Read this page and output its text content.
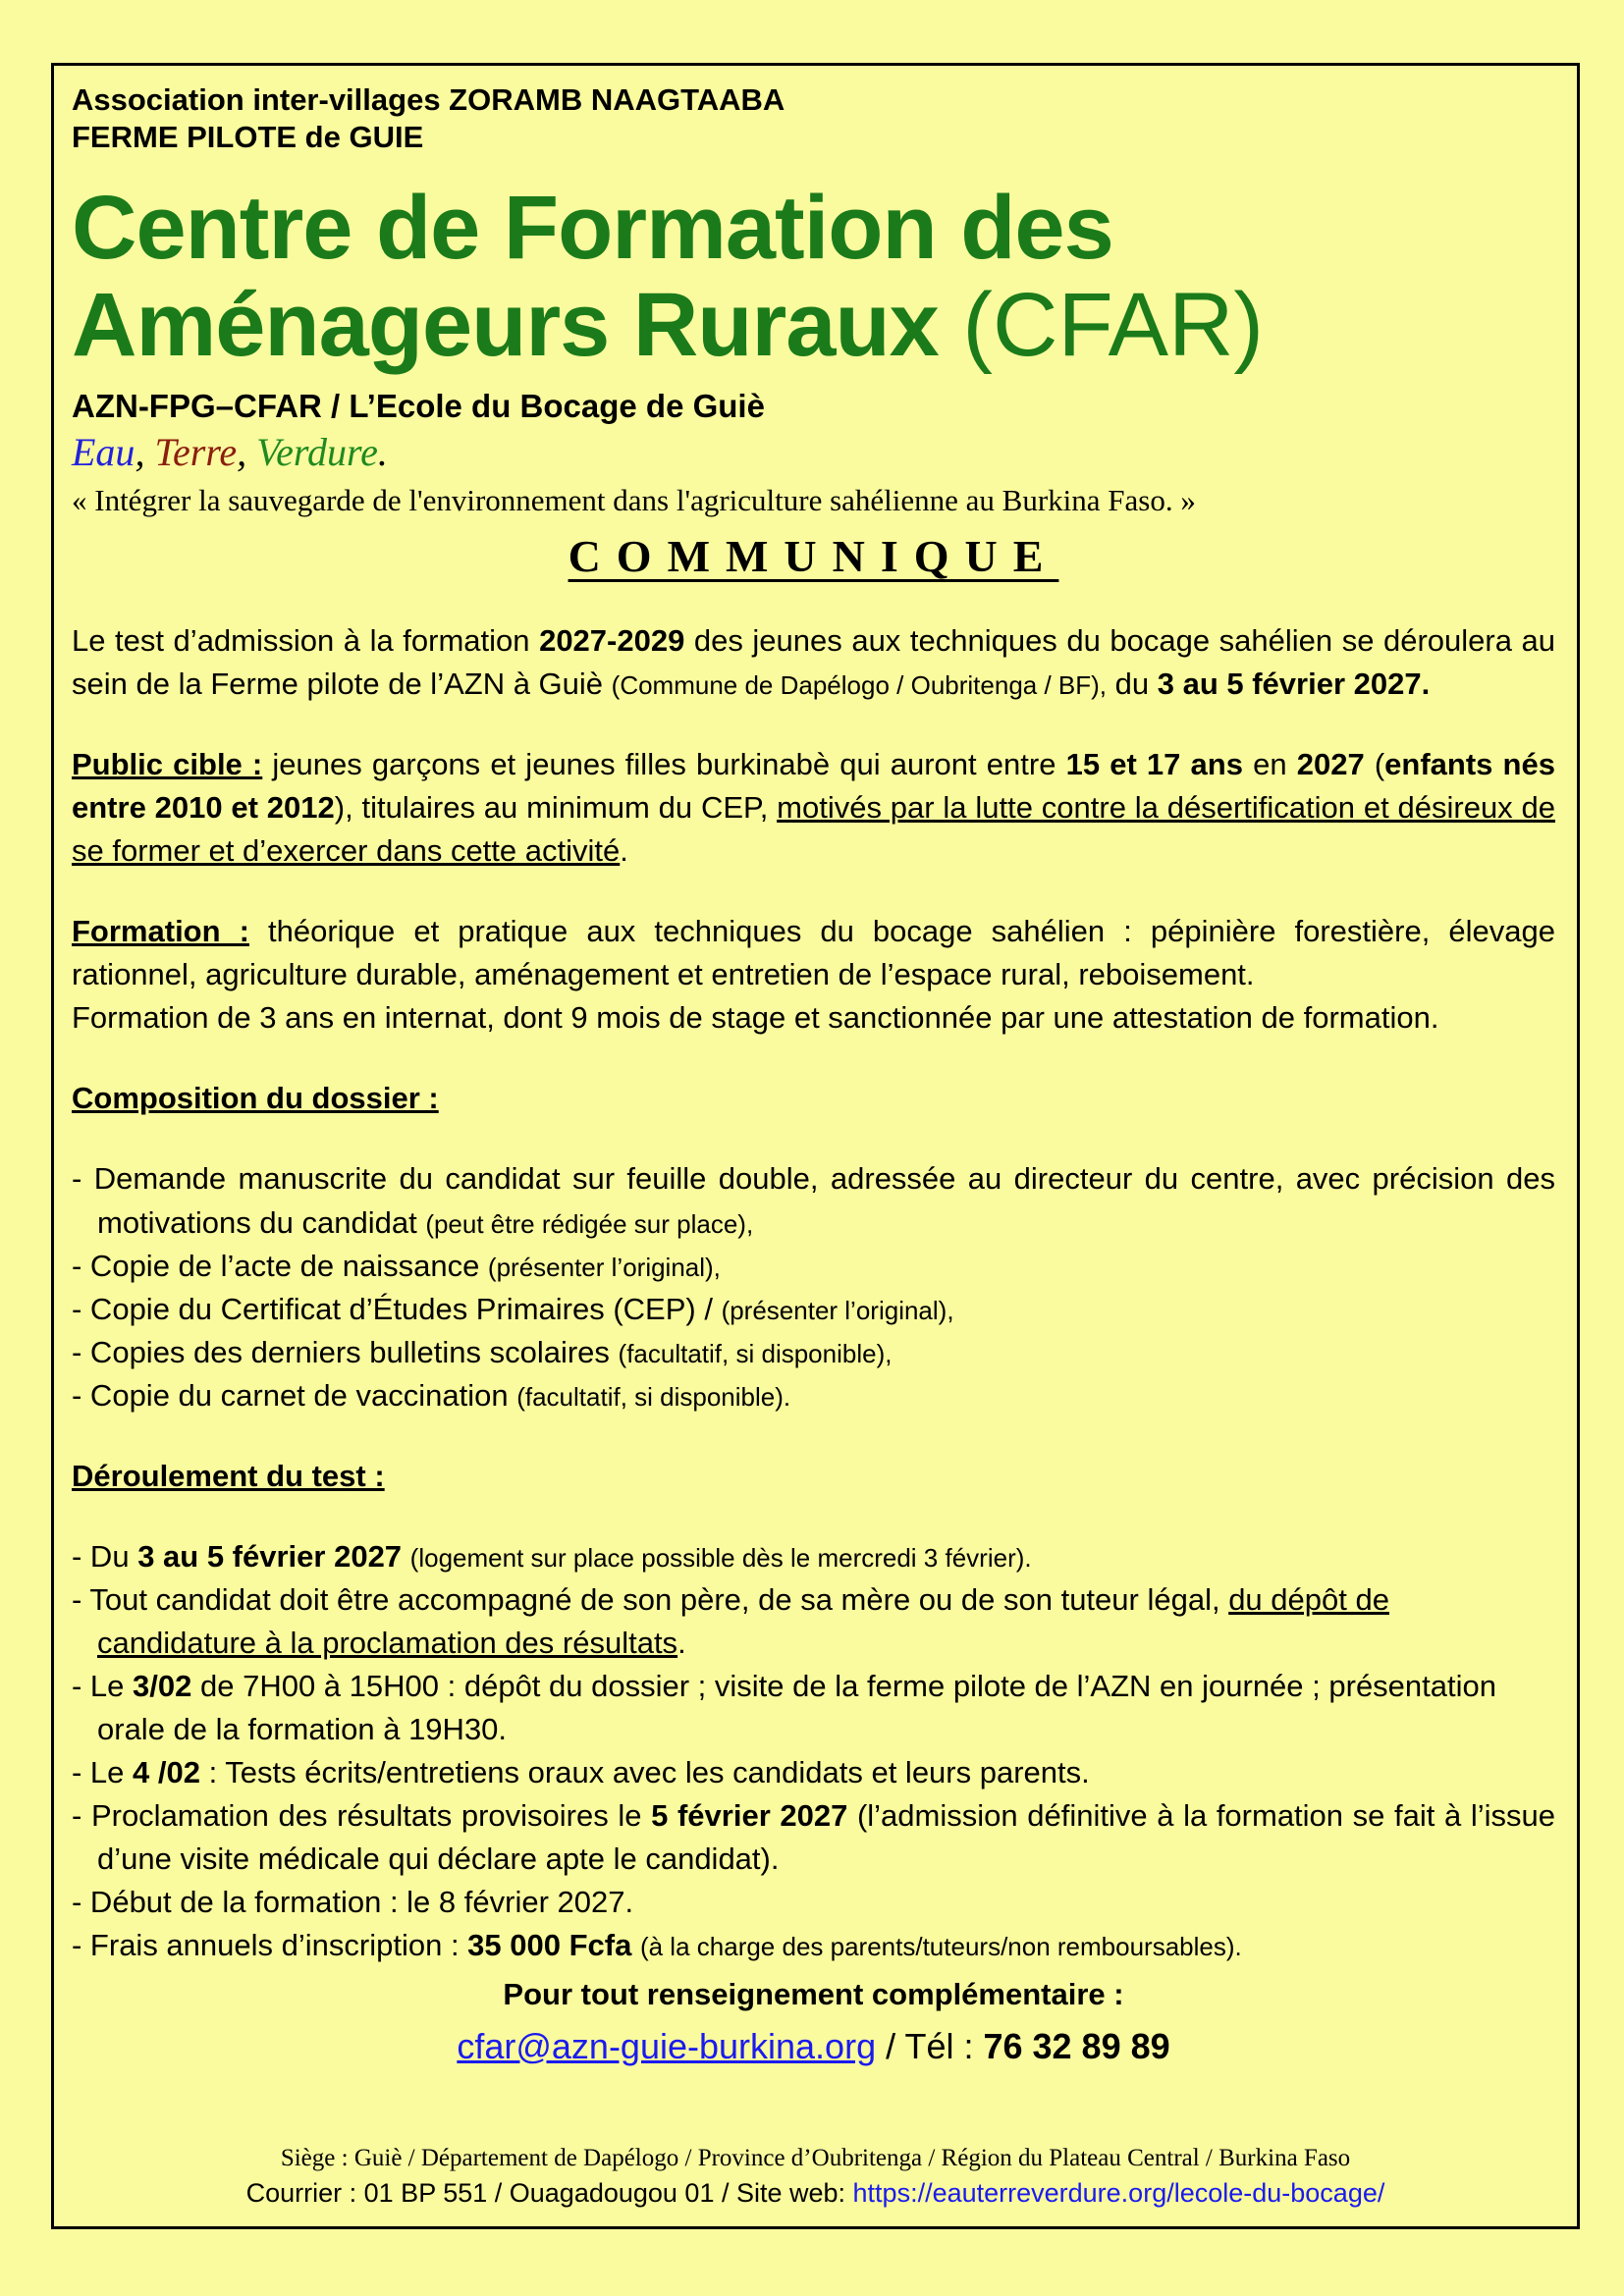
Association inter-villages ZORAMB NAAGTAABA
FERME PILOTE de GUIE
Centre de Formation des Aménageurs Ruraux (CFAR)
AZN-FPG–CFAR / L’Ecole du Bocage de Guiè
Eau, Terre, Verdure.
« Intégrer la sauvegarde de l'environnement dans l'agriculture sahélienne au Burkina Faso. »
COMMUNIQUE
Le test d’admission à la formation 2027-2029 des jeunes aux techniques du bocage sahélien se déroulera au sein de la Ferme pilote de l’AZN à Guiè (Commune de Dapélogo / Oubritenga / BF), du 3 au 5 février 2027.
Public cible : jeunes garçons et jeunes filles burkinabè qui auront entre 15 et 17 ans en 2027 (enfants nés entre 2010 et 2012), titulaires au minimum du CEP, motivés par la lutte contre la désertification et désireux de se former et d’exercer dans cette activité.
Formation : théorique et pratique aux techniques du bocage sahélien : pépinière forestière, élevage rationnel, agriculture durable, aménagement et entretien de l’espace rural, reboisement.
Formation de 3 ans en internat, dont 9 mois de stage et sanctionnée par une attestation de formation.
Composition du dossier :
- Demande manuscrite du candidat sur feuille double, adressée au directeur du centre, avec précision des motivations du candidat (peut être rédigée sur place),
- Copie de l’acte de naissance (présenter l’original),
- Copie du Certificat d’Études Primaires (CEP) / (présenter l’original),
- Copies des derniers bulletins scolaires (facultatif, si disponible),
- Copie du carnet de vaccination (facultatif, si disponible).
Déroulement du test :
- Du 3 au 5 février 2027 (logement sur place possible dès le mercredi 3 février).
- Tout candidat doit être accompagné de son père, de sa mère ou de son tuteur légal, du dépôt de candidature à la proclamation des résultats.
- Le 3/02 de 7H00 à 15H00 : dépôt du dossier ; visite de la ferme pilote de l’AZN en journée ; présentation orale de la formation à 19H30.
- Le 4 /02 : Tests écrits/entretiens oraux avec les candidats et leurs parents.
- Proclamation des résultats provisoires le 5 février 2027 (l’admission définitive à la formation se fait à l’issue d’une visite médicale qui déclare apte le candidat).
- Début de la formation : le 8 février 2027.
- Frais annuels d’inscription : 35 000 Fcfa (à la charge des parents/tuteurs/non remboursables).
Pour tout renseignement complémentaire :
cfar@azn-guie-burkina.org / Tél : 76 32 89 89
Siège : Guiè / Département de Dapélogo / Province d’Oubritenga / Région du Plateau Central / Burkina Faso
Courrier : 01 BP 551 / Ouagadougou 01 / Site web: https://eauterreverdure.org/lecole-du-bocage/
